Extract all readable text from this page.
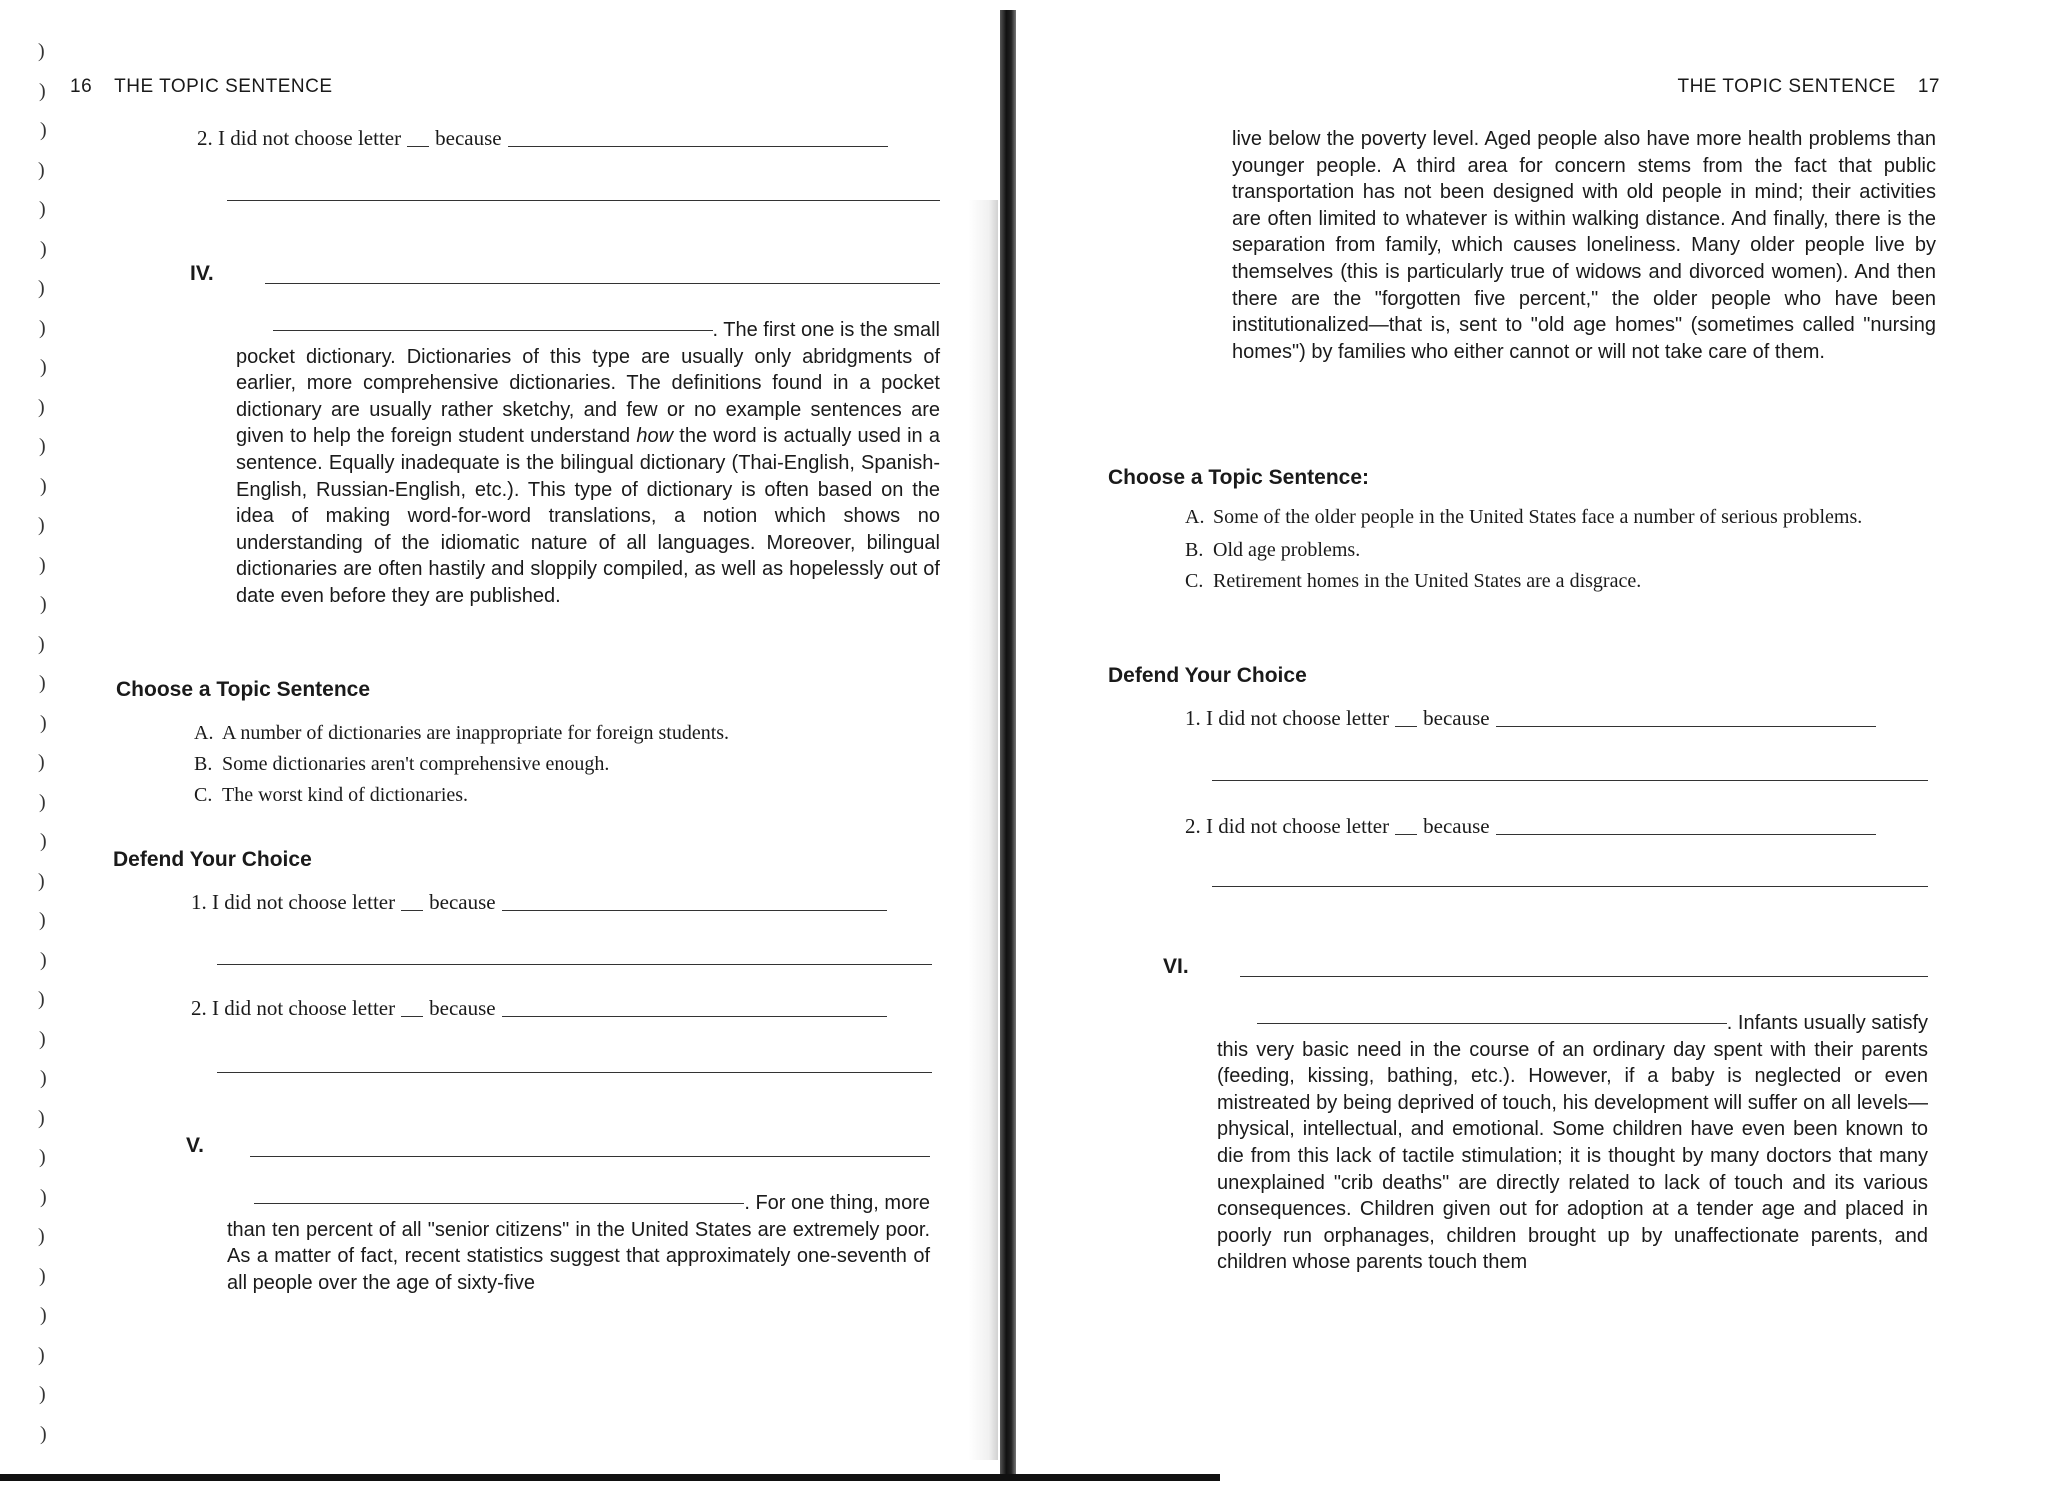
)
)
)
)
)
)
)
)
)
)
)
)
)
)
)
)
)
)
)
)
)
)
)
)
)
)
)
)
)
)
)
)
)
)
)
)
16 THE TOPIC SENTENCE
2.
I did not choose letter because
IV.

. The first one is the small
pocket dictionary. Dictionaries of this type are usually only abridgments of earlier, more comprehensive dictionaries. The definitions found in a pocket dictionary are usually rather sketchy, and few or no example sentences are given to help the foreign student understand how the word is actually used in a sentence. Equally inadequate is the bilingual dictionary (Thai-English, Spanish-English, Russian-English, etc.). This type of dictionary is often based on the idea of making word-for-word translations, a notion which shows no understanding of the idiomatic nature of all languages. Moreover, bilingual dictionaries are often hastily and sloppily compiled, as well as hopelessly out of date even before they are published.

Choose a Topic Sentence
A. A number of dictionaries are inappropriate for foreign students.
B. Some dictionaries aren't comprehensive enough.
C. The worst kind of dictionaries.
Defend Your Choice
1.
I did not choose letter because
2.
I did not choose letter because
V.

. For one thing, more
than ten percent of all "senior citizens" in the United States are extremely poor. As a matter of fact, recent statistics suggest that approximately one-seventh of all people over the age of sixty-five

THE TOPIC SENTENCE 17

live below the poverty level. Aged people also have more health problems than younger people. A third area for concern stems from the fact that public transportation has not been designed with old people in mind; their activities are often limited to whatever is within walking distance. And finally, there is the separation from family, which causes loneliness. Many older people live by themselves (this is particularly true of widows and divorced women). And then there are the "forgotten five percent," the older people who have been institutionalized—that is, sent to "old age homes" (sometimes called "nursing homes") by families who either cannot or will not take care of them.

Choose a Topic Sentence:
A. Some of the older people in the United States face a number of serious problems.
B. Old age problems.
C. Retirement homes in the United States are a disgrace.
Defend Your Choice
1.
I did not choose letter because
2.
I did not choose letter because
VI.

. Infants usually satisfy
this very basic need in the course of an ordinary day spent with their parents (feeding, kissing, bathing, etc.). However, if a baby is neglected or even mistreated by being deprived of touch, his development will suffer on all levels—physical, intellectual, and emotional. Some children have even been known to die from this lack of tactile stimulation; it is thought by many doctors that many unexplained "crib deaths" are directly related to lack of touch and its various consequences. Children given out for adoption at a tender age and placed in poorly run orphanages, children brought up by unaffectionate parents, and children whose parents touch them
